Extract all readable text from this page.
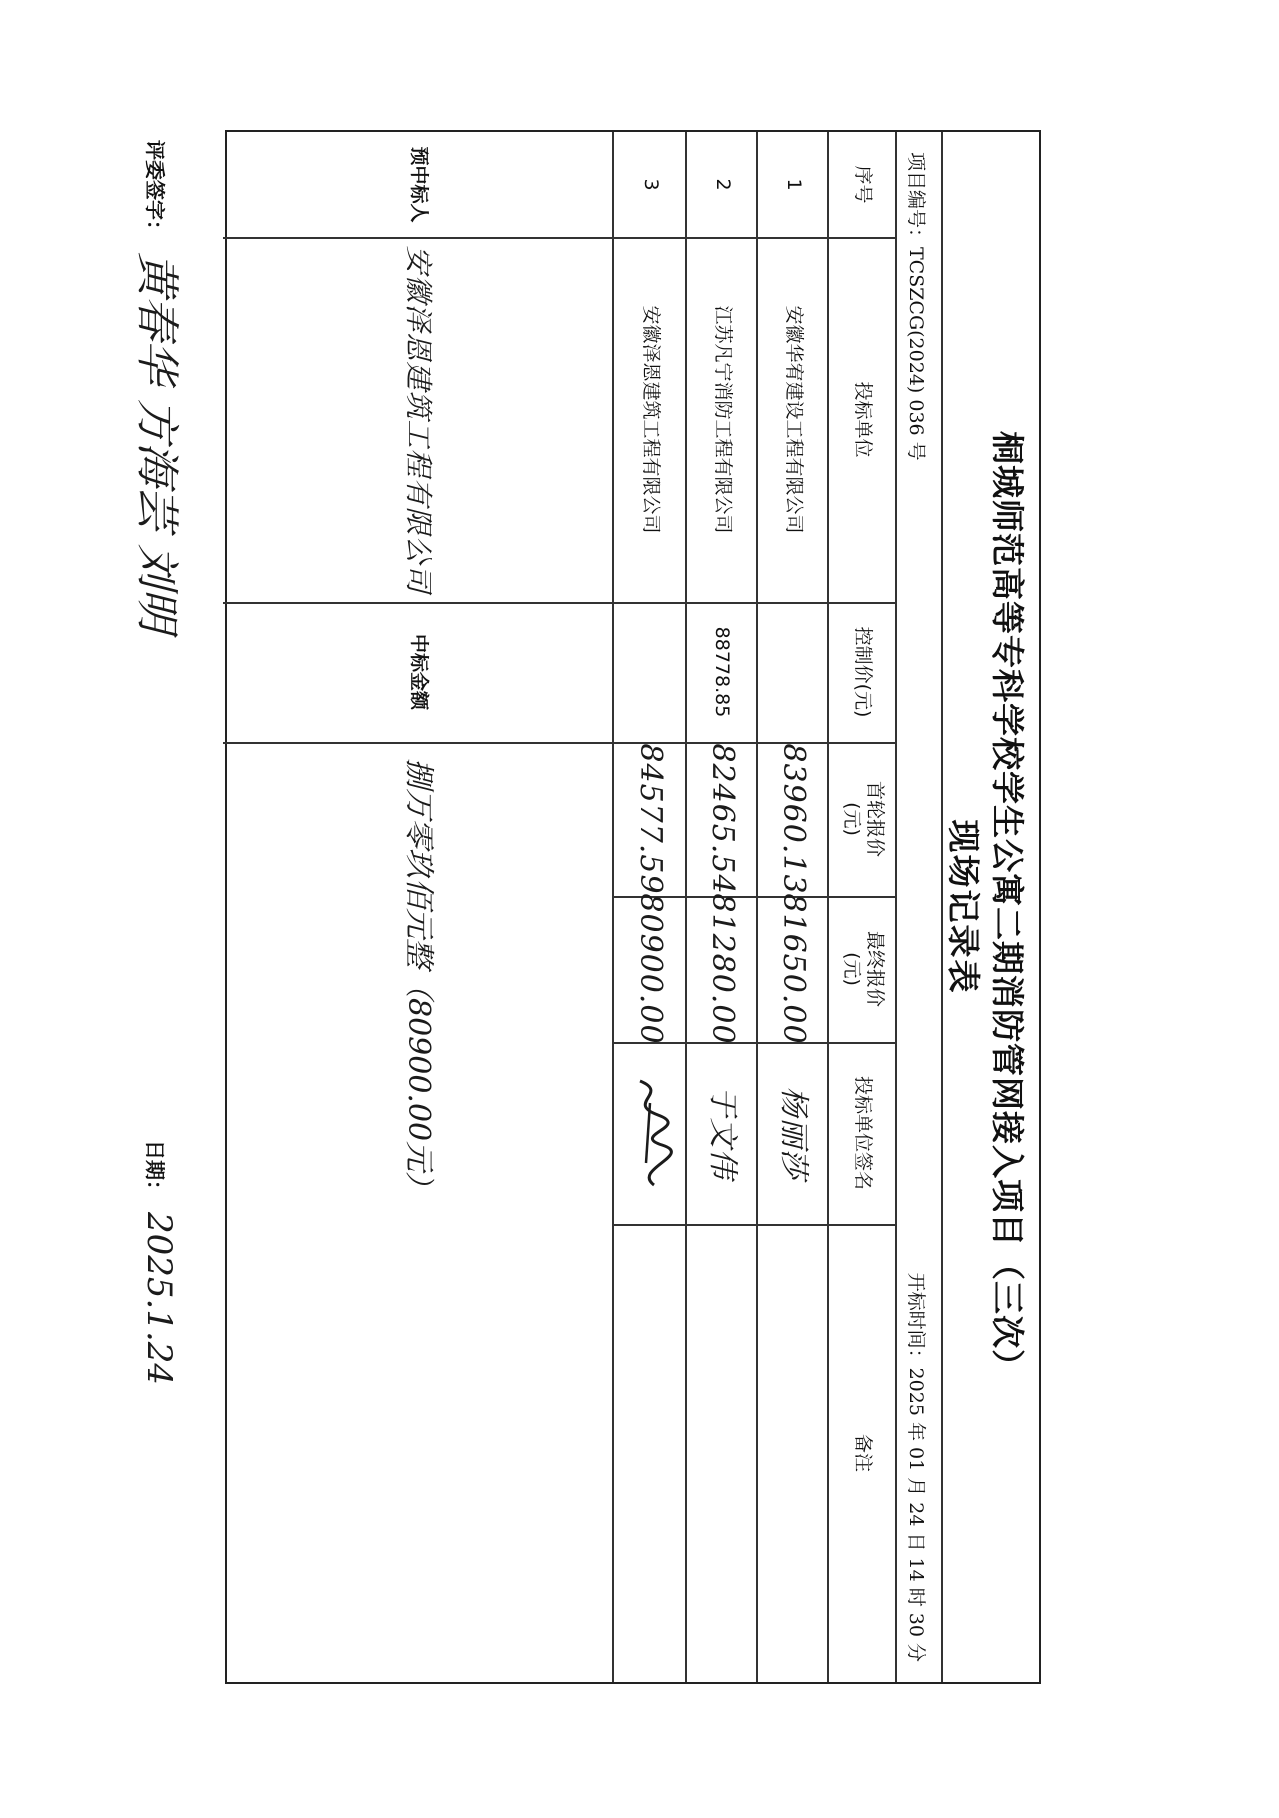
桐城师范高等专科学校学生公寓二期消防管网接入项目（三次）
现场记录表
项目编号：TCSZCG(2024) 036 号
开标时间：2025 年 01 月 24 日 14 时 30 分
序号
投标单位
控制价(元)
首轮报价
(元)
最终报价
(元)
投标单位签名
备注
88778.85
1
安徽华宥建设工程有限公司
83960.13
81650.00
杨丽莎
2
江苏凡宁消防工程有限公司
82465.54
81280.00
于文伟
3
安徽泽恩建筑工程有限公司
84577.59
80900.00
预中标人
安徽泽恩建筑工程有限公司
中标金额
捌万零玖佰元整（80900.00元）
评委签字：
黄春华 方海芸 刘明
日期：
2025.1.24
